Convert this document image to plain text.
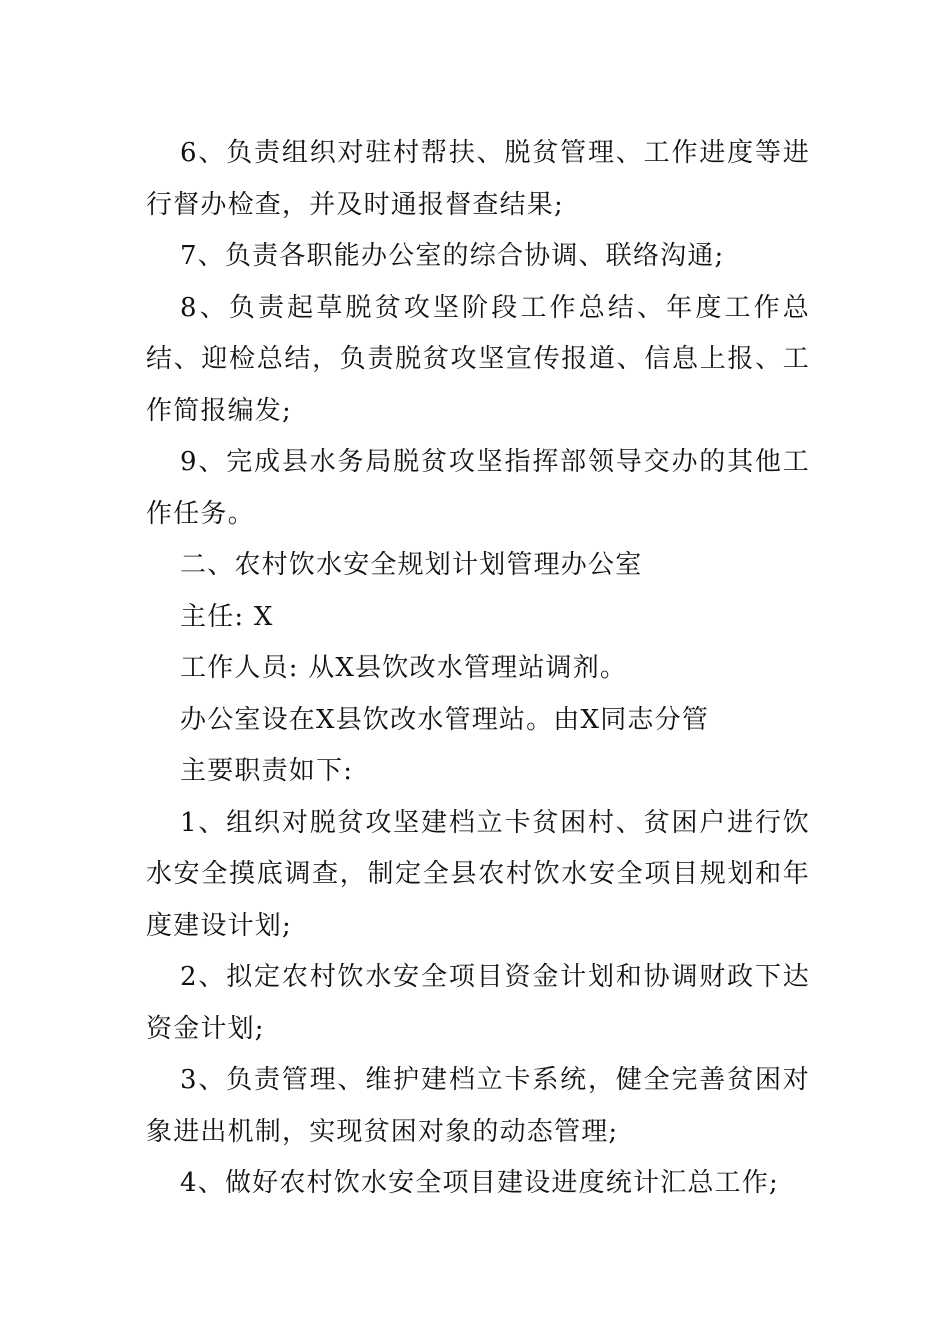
6、负责组织对驻村帮扶、脱贫管理、工作进度等进行督办检查，并及时通报督查结果;

7、负责各职能办公室的综合协调、联络沟通;

8、负责起草脱贫攻坚阶段工作总结、年度工作总结、迎检总结，负责脱贫攻坚宣传报道、信息上报、工作简报编发;

9、完成县水务局脱贫攻坚指挥部领导交办的其他工作任务。

二、农村饮水安全规划计划管理办公室

主任: X

工作人员: 从X县饮改水管理站调剂。

办公室设在X县饮改水管理站。由X同志分管

主要职责如下:

1、组织对脱贫攻坚建档立卡贫困村、贫困户进行饮水安全摸底调查，制定全县农村饮水安全项目规划和年度建设计划;

2、拟定农村饮水安全项目资金计划和协调财政下达资金计划;

3、负责管理、维护建档立卡系统，健全完善贫困对象进出机制，实现贫困对象的动态管理;

4、做好农村饮水安全项目建设进度统计汇总工作;
